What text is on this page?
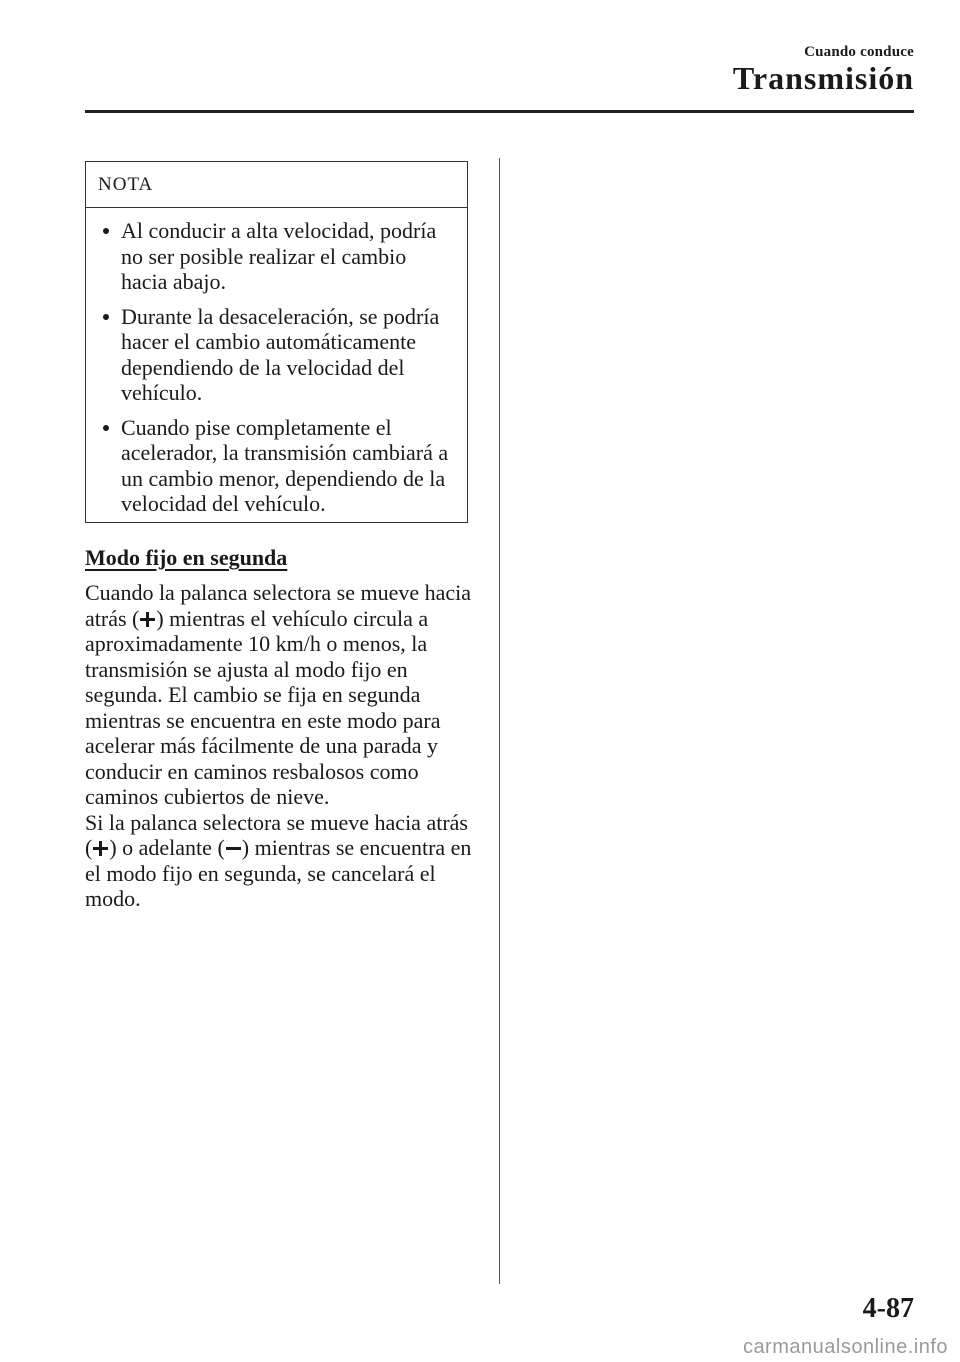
Cuando conduce
Transmisión
NOTA
Al conducir a alta velocidad, podría no ser posible realizar el cambio hacia abajo.
Durante la desaceleración, se podría hacer el cambio automáticamente dependiendo de la velocidad del vehículo.
Cuando pise completamente el acelerador, la transmisión cambiará a un cambio menor, dependiendo de la velocidad del vehículo.
Modo fijo en segunda
Cuando la palanca selectora se mueve hacia atrás ( ) mientras el vehículo circula a aproximadamente 10 km/h o menos, la transmisión se ajusta al modo fijo en segunda. El cambio se fija en segunda mientras se encuentra en este modo para acelerar más fácilmente de una parada y conducir en caminos resbalosos como caminos cubiertos de nieve.
Si la palanca selectora se mueve hacia atrás ( ) o adelante ( ) mientras se encuentra en el modo fijo en segunda, se cancelará el modo.
4-87
carmanualsonline.info
